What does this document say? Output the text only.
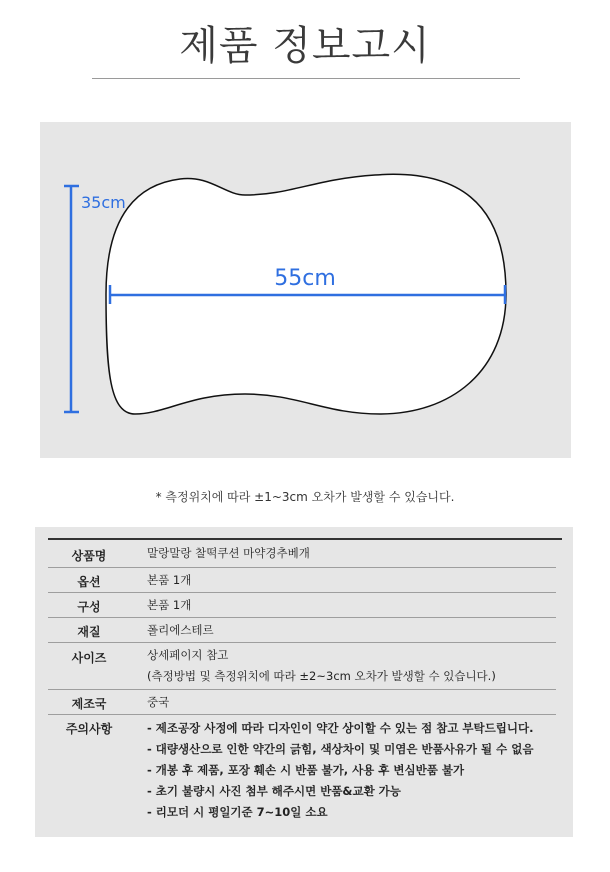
제품 정보고시
35cm
55cm
* 측정위치에 따라 ±1~3cm 오차가 발생할 수 있습니다.
상품명	말랑말랑 찰떡쿠션 마약경추베개
옵션	본품 1개
구성	본품 1개
재질	폴리에스테르
사이즈	상세페이지 참고
(측정방법 및 측정위치에 따라 ±2~3cm 오차가 발생할 수 있습니다.)
제조국	중국
주의사항	- 제조공장 사정에 따라 디자인이 약간 상이할 수 있는 점 참고 부탁드립니다.
- 대량생산으로 인한 약간의 긁힘, 색상차이 및 미염은 반품사유가 될 수 없음
- 개봉 후 제품, 포장 훼손 시 반품 불가, 사용 후 변심반품 불가
- 초기 불량시 사진 첨부 해주시면 반품&교환 가능
- 리모더 시 평일기준 7~10일 소요
